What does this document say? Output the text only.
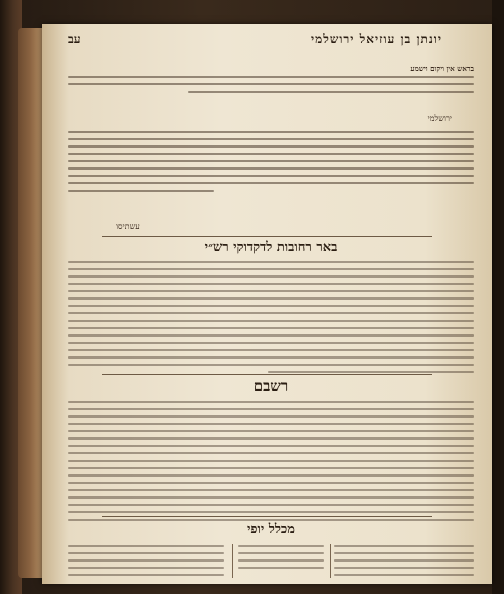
עב	יונתן בן עוזיאל ירושלמי
בראש אין ויקום וישמע
ירושלמי
עשתיסו
באר רחובות לדקדוקי רש״י
רשבם
מכלל יופי
